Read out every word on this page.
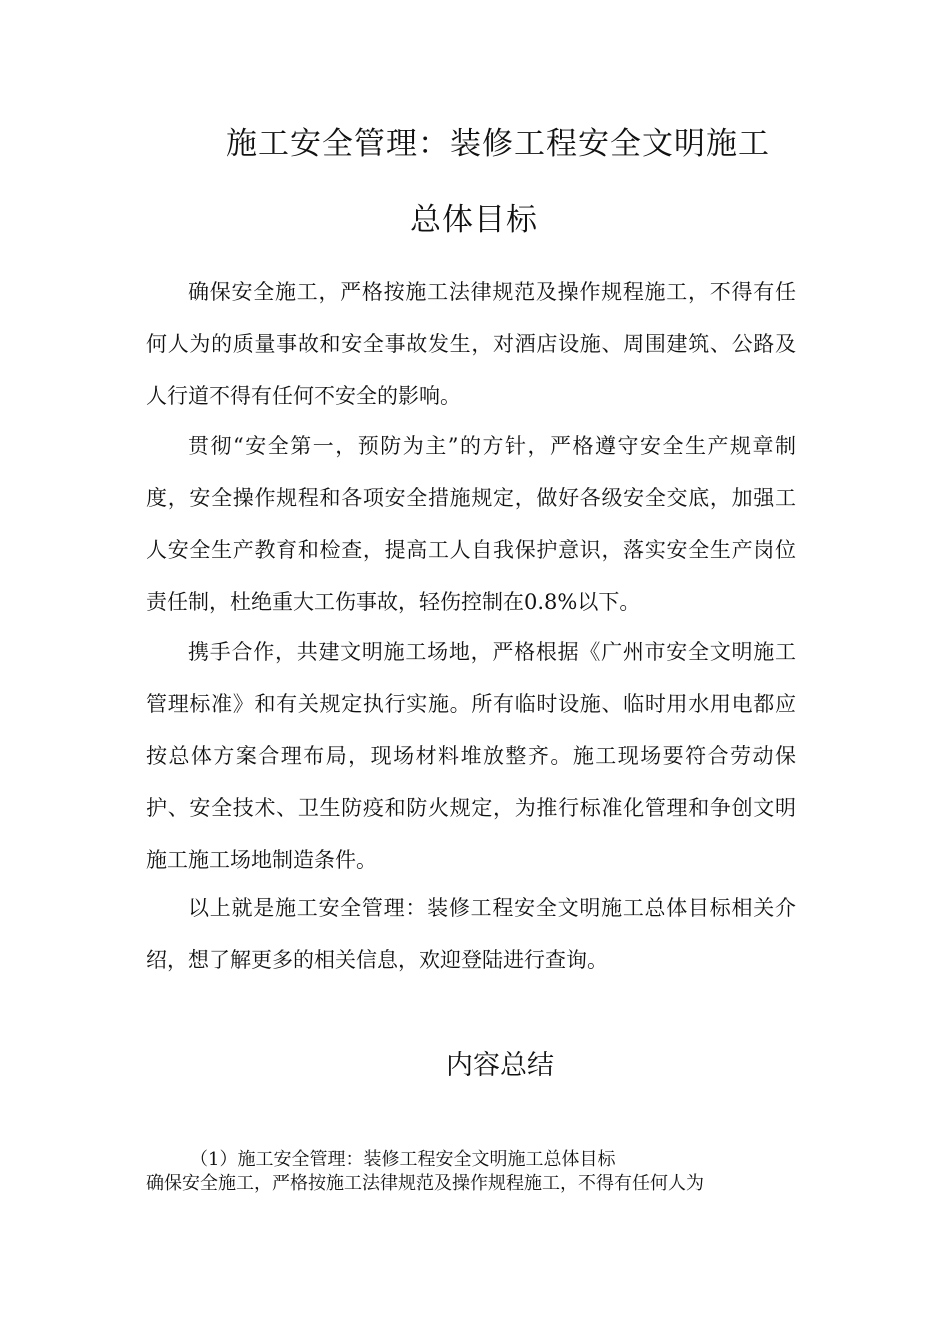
施工安全管理：装修工程安全文明施工
总体目标

确保安全施工，严格按施工法律规范及操作规程施工，不得有任何人为的质量事故和安全事故发生，对酒店设施、周围建筑、公路及人行道不得有任何不安全的影响。

贯彻“安全第一，预防为主”的方针，严格遵守安全生产规章制度，安全操作规程和各项安全措施规定，做好各级安全交底，加强工人安全生产教育和检查，提高工人自我保护意识，落实安全生产岗位责任制，杜绝重大工伤事故，轻伤控制在0.8%以下。

携手合作，共建文明施工场地，严格根据《广州市安全文明施工管理标准》和有关规定执行实施。所有临时设施、临时用水用电都应按总体方案合理布局，现场材料堆放整齐。施工现场要符合劳动保护、安全技术、卫生防疫和防火规定，为推行标准化管理和争创文明施工施工场地制造条件。

以上就是施工安全管理：装修工程安全文明施工总体目标相关介绍，想了解更多的相关信息，欢迎登陆进行查询。

内容总结
（1）施工安全管理：装修工程安全文明施工总体目标
确保安全施工，严格按施工法律规范及操作规程施工，不得有任何人为
